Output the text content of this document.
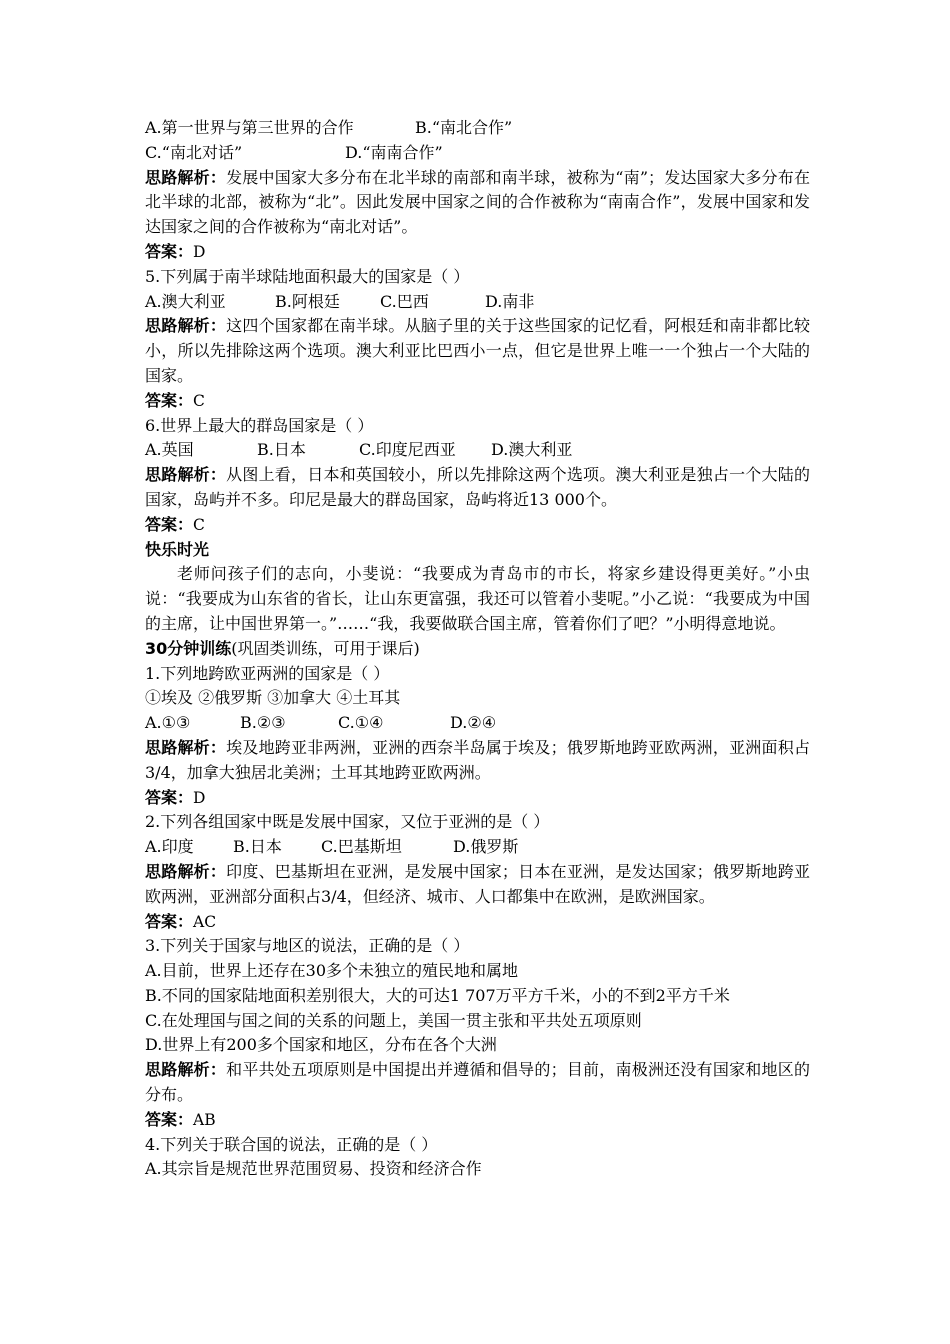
A.第一世界与第三世界的合作	B.“南北合作”
C.“南北对话”	D.“南南合作”
思路解析：发展中国家大多分布在北半球的南部和南半球，被称为“南”；发达国家大多分布在北半球的北部，被称为“北”。因此发展中国家之间的合作被称为“南南合作”，发展中国家和发达国家之间的合作被称为“南北对话”。
答案：D
5.下列属于南半球陆地面积最大的国家是（ ）
A.澳大利亚	B.阿根廷	C.巴西	D.南非
思路解析：这四个国家都在南半球。从脑子里的关于这些国家的记忆看，阿根廷和南非都比较小，所以先排除这两个选项。澳大利亚比巴西小一点，但它是世界上唯一一个独占一个大陆的国家。
答案：C
6.世界上最大的群岛国家是（ ）
A.英国	B.日本	C.印度尼西亚 D.澳大利亚
思路解析：从图上看，日本和英国较小，所以先排除这两个选项。澳大利亚是独占一个大陆的国家，岛屿并不多。印尼是最大的群岛国家，岛屿将近13 000个。
答案：C
快乐时光
老师问孩子们的志向，小斐说：“我要成为青岛市的市长，将家乡建设得更美好。”小虫说：“我要成为山东省的省长，让山东更富强，我还可以管着小斐呢。”小乙说：“我要成为中国的主席，让中国世界第一。”……“我，我要做联合国主席，管着你们了吧？”小明得意地说。
30分钟训练(巩固类训练，可用于课后)
1.下列地跨欧亚两洲的国家是（ ）
①埃及 ②俄罗斯 ③加拿大 ④土耳其
A.①③	B.②③	C.①④	D.②④
思路解析：埃及地跨亚非两洲，亚洲的西奈半岛属于埃及；俄罗斯地跨亚欧两洲，亚洲面积占3/4，加拿大独居北美洲；土耳其地跨亚欧两洲。
答案：D
2.下列各组国家中既是发展中国家，又位于亚洲的是（ ）
A.印度 B.日本 C.巴基斯坦	D.俄罗斯
思路解析：印度、巴基斯坦在亚洲，是发展中国家；日本在亚洲，是发达国家；俄罗斯地跨亚欧两洲，亚洲部分面积占3/4，但经济、城市、人口都集中在欧洲，是欧洲国家。
答案：AC
3.下列关于国家与地区的说法，正确的是（ ）
A.目前，世界上还存在30多个未独立的殖民地和属地
B.不同的国家陆地面积差别很大，大的可达1 707万平方千米，小的不到2平方千米
C.在处理国与国之间的关系的问题上，美国一贯主张和平共处五项原则
D.世界上有200多个国家和地区，分布在各个大洲
思路解析：和平共处五项原则是中国提出并遵循和倡导的；目前，南极洲还没有国家和地区的分布。
答案：AB
4.下列关于联合国的说法，正确的是（ ）
A.其宗旨是规范世界范围贸易、投资和经济合作
